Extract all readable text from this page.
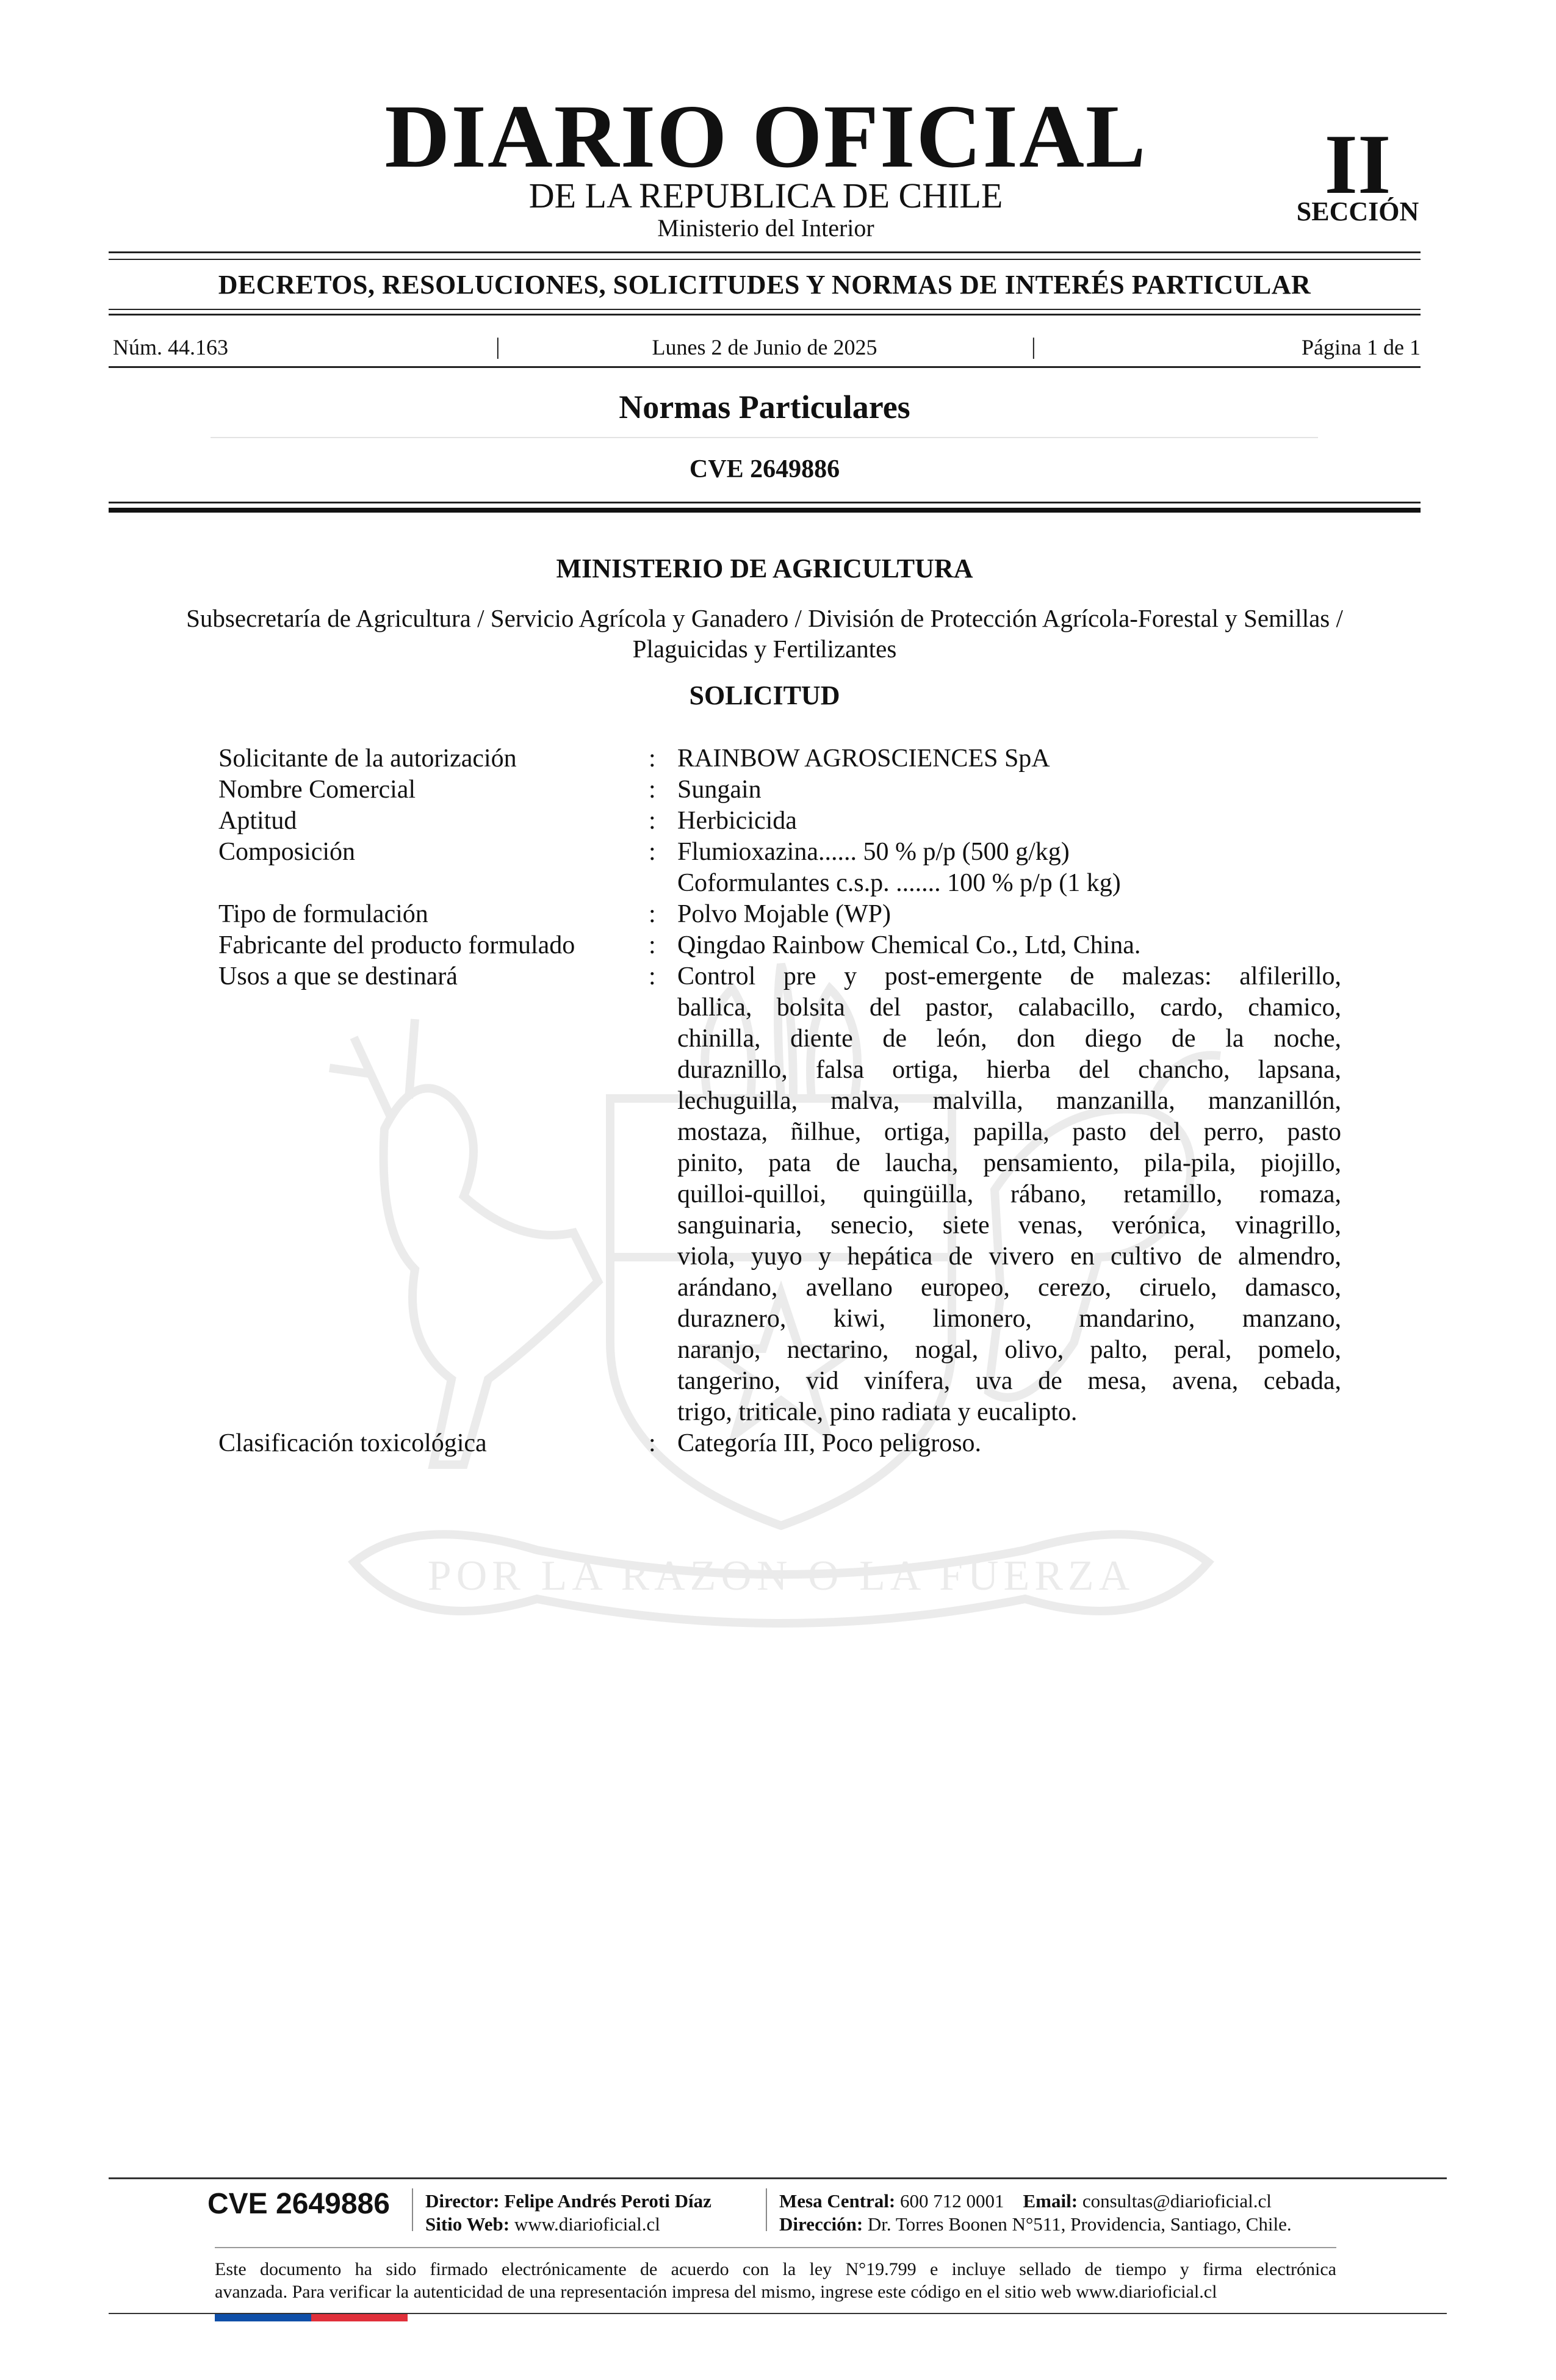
POR LA RAZON O LA FUERZA
DIARIO OFICIAL
DE LA REPUBLICA DE CHILE
Ministerio del Interior
II
SECCIÓN
DECRETOS, RESOLUCIONES, SOLICITUDES Y NORMAS DE INTERÉS PARTICULAR
Núm. 44.163	|	Lunes 2 de Junio de 2025	|	Página 1 de 1
Normas Particulares
CVE 2649886
MINISTERIO DE AGRICULTURA
Subsecretaría de Agricultura / Servicio Agrícola y Ganadero / División de Protección Agrícola-Forestal y Semillas /
Plaguicidas y Fertilizantes
SOLICITUD
Solicitante de la autorización	: RAINBOW AGROSCIENCES SpA
Nombre Comercial	: Sungain
Aptitud	: Herbicicida
Composición	: Flumioxazina...... 50 % p/p (500 g/kg)
Coformulantes c.s.p. ....... 100 % p/p (1 kg)
Tipo de formulación	: Polvo Mojable (WP)
Fabricante del producto formulado	: Qingdao Rainbow Chemical Co., Ltd, China.
Usos a que se destinará	: Control pre y post-emergente de malezas: alfilerillo,
ballica, bolsita del pastor, calabacillo, cardo, chamico,
chinilla, diente de león, don diego de la noche,
duraznillo, falsa ortiga, hierba del chancho, lapsana,
lechuguilla, malva, malvilla, manzanilla, manzanillón,
mostaza, ñilhue, ortiga, papilla, pasto del perro, pasto
pinito, pata de laucha, pensamiento, pila-pila, piojillo,
quilloi-quilloi, quingüilla, rábano, retamillo, romaza,
sanguinaria, senecio, siete venas, verónica, vinagrillo,
viola, yuyo y hepática de vivero en cultivo de almendro,
arándano, avellano europeo, cerezo, ciruelo, damasco,
duraznero, kiwi, limonero, mandarino, manzano,
naranjo, nectarino, nogal, olivo, palto, peral, pomelo,
tangerino, vid vinífera, uva de mesa, avena, cebada,
trigo, triticale, pino radiata y eucalipto.
Clasificación toxicológica	: Categoría III, Poco peligroso.
CVE 2649886 Director: Felipe Andrés Peroti Díaz
Sitio Web: www.diarioficial.cl
Mesa Central: 600 712 0001 Email: consultas@diarioficial.cl
Dirección: Dr. Torres Boonen N°511, Providencia, Santiago, Chile.
Este documento ha sido firmado electrónicamente de acuerdo con la ley N°19.799 e incluye sellado de tiempo y firma electrónica
avanzada. Para verificar la autenticidad de una representación impresa del mismo, ingrese este código en el sitio web www.diarioficial.cl
